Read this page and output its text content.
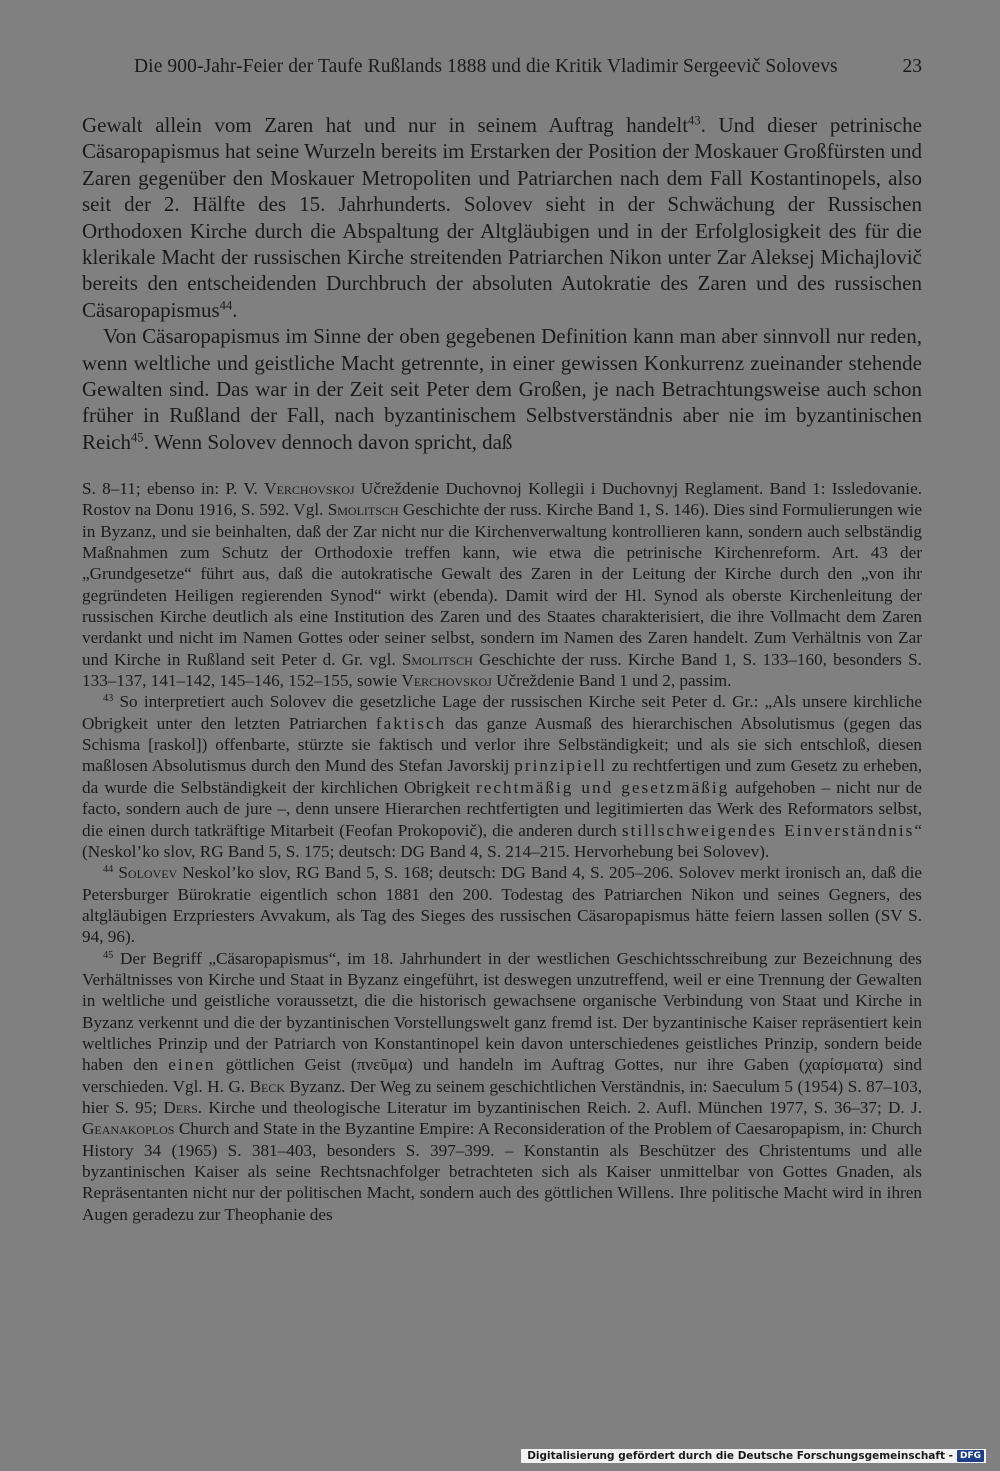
Die 900-Jahr-Feier der Taufe Rußlands 1888 und die Kritik Vladimir Sergeevič Solovevs	23

Gewalt allein vom Zaren hat und nur in seinem Auftrag handelt$^{43}$. Und dieser petrinische Cäsaropapismus hat seine Wurzeln bereits im Erstarken der Position der Moskauer Großfürsten und Zaren gegenüber den Moskauer Metropoliten und Patriarchen nach dem Fall Kostantinopels, also seit der 2. Hälfte des 15. Jahrhunderts. Solovev sieht in der Schwächung der Russischen Orthodoxen Kirche durch die Abspaltung der Altgläubigen und in der Erfolglosigkeit des für die klerikale Macht der russischen Kirche streitenden Patriarchen Nikon unter Zar Aleksej Michajlovič bereits den entscheidenden Durchbruch der absoluten Autokratie des Zaren und des russischen Cäsaropapismus$^{44}$.

Von Cäsaropapismus im Sinne der oben gegebenen Definition kann man aber sinnvoll nur reden, wenn weltliche und geistliche Macht getrennte, in einer gewissen Konkurrenz zueinander stehende Gewalten sind. Das war in der Zeit seit Peter dem Großen, je nach Betrachtungsweise auch schon früher in Rußland der Fall, nach byzantinischem Selbstverständnis aber nie im byzantinischen Reich$^{45}$. Wenn Solovev dennoch davon spricht, daß

S. 8–11; ebenso in: P. V. Verchovskoj Učreždenie Duchovnoj Kollegii i Duchovnyj Reglament. Band 1: Issledovanie. Rostov na Donu 1916, S. 592. Vgl. Smolitsch Geschichte der russ. Kirche Band 1, S. 146). Dies sind Formulierungen wie in Byzanz, und sie beinhalten, daß der Zar nicht nur die Kirchenverwaltung kontrollieren kann, sondern auch selbständig Maßnahmen zum Schutz der Orthodoxie treffen kann, wie etwa die petrinische Kirchenreform. Art. 43 der „Grundgesetze“ führt aus, daß die autokratische Gewalt des Zaren in der Leitung der Kirche durch den „von ihr gegründeten Heiligen regierenden Synod“ wirkt (ebenda). Damit wird der Hl. Synod als oberste Kirchenleitung der russischen Kirche deutlich als eine Institution des Zaren und des Staates charakterisiert, die ihre Vollmacht dem Zaren verdankt und nicht im Namen Gottes oder seiner selbst, sondern im Namen des Zaren handelt. Zum Verhältnis von Zar und Kirche in Rußland seit Peter d. Gr. vgl. Smolitsch Geschichte der russ. Kirche Band 1, S. 133–160, besonders S. 133–137, 141–142, 145–146, 152–155, sowie Verchovskoj Učreždenie Band 1 und 2, passim.

$^{43}$ So interpretiert auch Solovev die gesetzliche Lage der russischen Kirche seit Peter d. Gr.: „Als unsere kirchliche Obrigkeit unter den letzten Patriarchen faktisch das ganze Ausmaß des hierarchischen Absolutismus (gegen das Schisma [raskol]) offenbarte, stürzte sie faktisch und verlor ihre Selbständigkeit; und als sie sich entschloß, diesen maßlosen Absolutismus durch den Mund des Stefan Javorskij prinzipiell zu rechtfertigen und zum Gesetz zu erheben, da wurde die Selbständigkeit der kirchlichen Obrigkeit rechtmäßig und gesetzmäßig aufgehoben – nicht nur de facto, sondern auch de jure –, denn unsere Hierarchen rechtfertigten und legitimierten das Werk des Reformators selbst, die einen durch tatkräftige Mitarbeit (Feofan Prokopovič), die anderen durch stillschweigendes Einverständnis“ (Neskol’ko slov, RG Band 5, S. 175; deutsch: DG Band 4, S. 214–215. Hervorhebung bei Solovev).

$^{44}$ Solovev Neskol’ko slov, RG Band 5, S. 168; deutsch: DG Band 4, S. 205–206. Solovev merkt ironisch an, daß die Petersburger Bürokratie eigentlich schon 1881 den 200. Todestag des Patriarchen Nikon und seines Gegners, des altgläubigen Erzpriesters Avvakum, als Tag des Sieges des russischen Cäsaropapismus hätte feiern lassen sollen (SV S. 94, 96).

$^{45}$ Der Begriff „Cäsaropapismus“, im 18. Jahrhundert in der westlichen Geschichtsschreibung zur Bezeichnung des Verhältnisses von Kirche und Staat in Byzanz eingeführt, ist deswegen unzutreffend, weil er eine Trennung der Gewalten in weltliche und geistliche voraussetzt, die die historisch gewachsene organische Verbindung von Staat und Kirche in Byzanz verkennt und die der byzantinischen Vorstellungswelt ganz fremd ist. Der byzantinische Kaiser repräsentiert kein weltliches Prinzip und der Patriarch von Konstantinopel kein davon unterschiedenes geistliches Prinzip, sondern beide haben den einen göttlichen Geist (πνεῦμα) und handeln im Auftrag Gottes, nur ihre Gaben (χαρίσματα) sind verschieden. Vgl. H. G. Beck Byzanz. Der Weg zu seinem geschichtlichen Verständnis, in: Saeculum 5 (1954) S. 87–103, hier S. 95; Ders. Kirche und theologische Literatur im byzantinischen Reich. 2. Aufl. München 1977, S. 36–37; D. J. Geanakoplos Church and State in the Byzantine Empire: A Reconsideration of the Problem of Caesaropapism, in: Church History 34 (1965) S. 381–403, besonders S. 397–399. – Konstantin als Beschützer des Christentums und alle byzantinischen Kaiser als seine Rechtsnachfolger betrachteten sich als Kaiser unmittelbar von Gottes Gnaden, als Repräsentanten nicht nur der politischen Macht, sondern auch des göttlichen Willens. Ihre politische Macht wird in ihren Augen geradezu zur Theophanie des

Digitalisierung gefördert durch die Deutsche Forschungsgemeinschaft - DFG
